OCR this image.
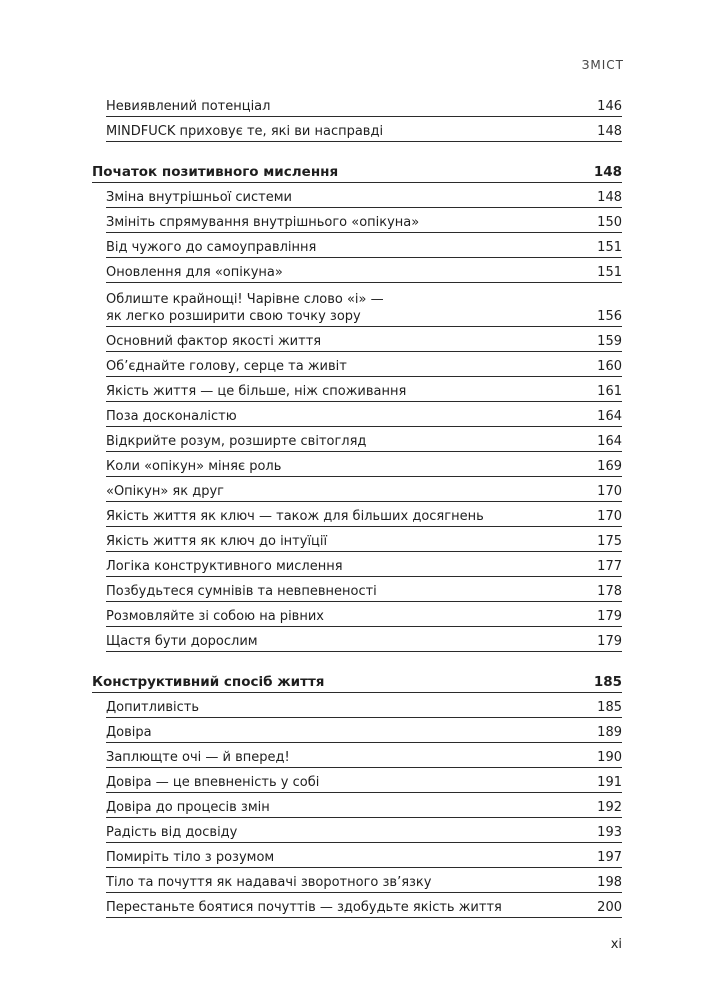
ЗМІСТ
Невиявлений потенціал	146
MINDFUCK приховує те, які ви насправді	148
Початок позитивного мислення	148
Зміна внутрішньої системи	148
Змініть спрямування внутрішнього «опікуна»	150
Від чужого до самоуправління	151
Оновлення для «опікуна»	151
Облиште крайнощі! Чарівне слово «і» —
як легко розширити свою точку зору	156
Основний фактор якості життя	159
Об’єднайте голову, серце та живіт	160
Якість життя — це більше, ніж споживання	161
Поза досконалістю	164
Відкрийте розум, розширте світогляд	164
Коли «опікун» міняє роль	169
«Опікун» як друг	170
Якість життя як ключ — також для більших досягнень	170
Якість життя як ключ до інтуїції	175
Логіка конструктивного мислення	177
Позбудьтеся сумнівів та невпевненості	178
Розмовляйте зі собою на рівних	179
Щастя бути дорослим	179
Конструктивний спосіб життя	185
Допитливість	185
Довіра	189
Заплющте очі — й вперед!	190
Довіра — це впевненість у собі	191
Довіра до процесів змін	192
Радість від досвіду	193
Помиріть тіло з розумом	197
Тіло та почуття як надавачі зворотного зв’язку	198
Перестаньте боятися почуттів — здобудьте якість життя	200
xi
